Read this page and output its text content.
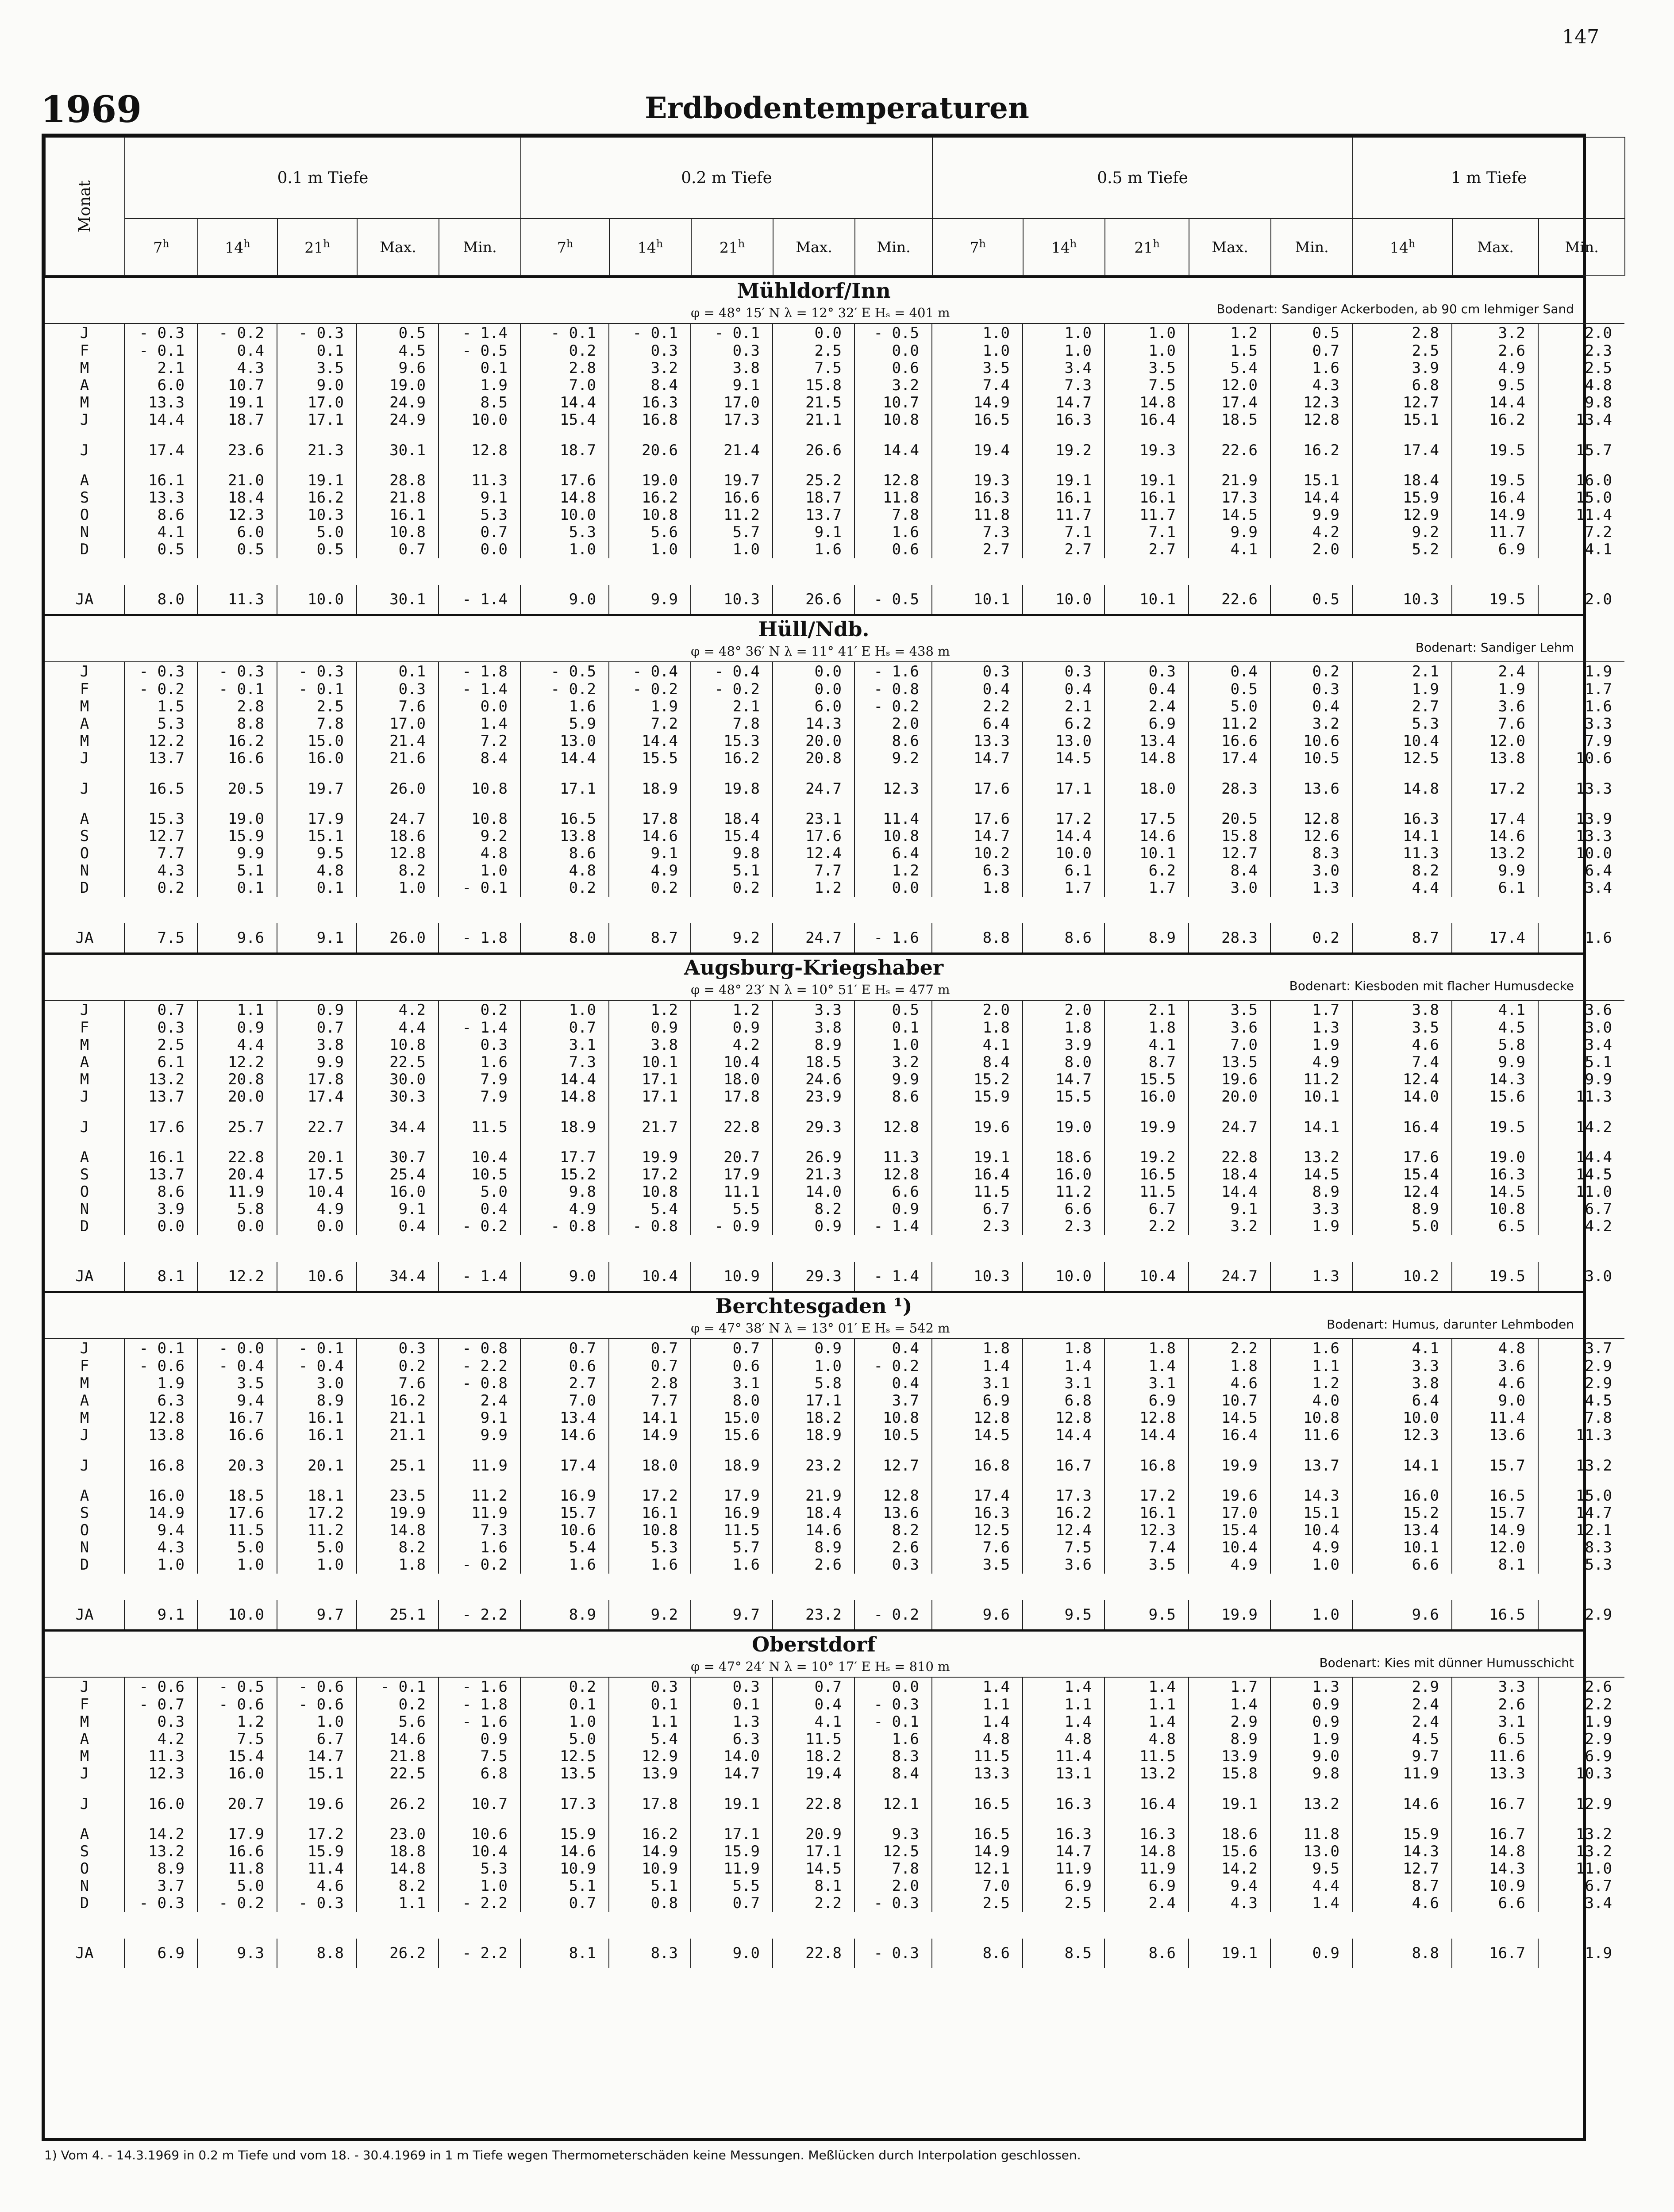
147
1969	Erdbodentemperaturen
Monat	0.1 m Tiefe					0.2 m Tiefe					0.5 m Tiefe					1 m Tiefe		
	7$^h$	14$^h$	21$^h$	Max.	Min.	7$^h$	14$^h$	21$^h$	Max.	Min.	7$^h$	14$^h$	21$^h$	Max.	Min.	14$^h$	Max.	Min.
Mühldorf/Inn
φ = 48° 15′ N λ = 12° 32′ E Hₛ = 401 m	Bodenart: Sandiger Ackerboden, ab 90 cm lehmiger Sand
J	- 0.3	- 0.2	- 0.3	0.5	- 1.4	- 0.1	- 0.1	- 0.1	0.0	- 0.5	1.0	1.0	1.0	1.2	0.5	2.8	3.2	2.0
F	- 0.1	0.4	0.1	4.5	- 0.5	0.2	0.3	0.3	2.5	0.0	1.0	1.0	1.0	1.5	0.7	2.5	2.6	2.3
M	2.1	4.3	3.5	9.6	0.1	2.8	3.2	3.8	7.5	0.6	3.5	3.4	3.5	5.4	1.6	3.9	4.9	2.5
A	6.0	10.7	9.0	19.0	1.9	7.0	8.4	9.1	15.8	3.2	7.4	7.3	7.5	12.0	4.3	6.8	9.5	4.8
M	13.3	19.1	17.0	24.9	8.5	14.4	16.3	17.0	21.5	10.7	14.9	14.7	14.8	17.4	12.3	12.7	14.4	9.8
J	14.4	18.7	17.1	24.9	10.0	15.4	16.8	17.3	21.1	10.8	16.5	16.3	16.4	18.5	12.8	15.1	16.2	13.4
J	17.4	23.6	21.3	30.1	12.8	18.7	20.6	21.4	26.6	14.4	19.4	19.2	19.3	22.6	16.2	17.4	19.5	15.7
A	16.1	21.0	19.1	28.8	11.3	17.6	19.0	19.7	25.2	12.8	19.3	19.1	19.1	21.9	15.1	18.4	19.5	16.0
S	13.3	18.4	16.2	21.8	9.1	14.8	16.2	16.6	18.7	11.8	16.3	16.1	16.1	17.3	14.4	15.9	16.4	15.0
O	8.6	12.3	10.3	16.1	5.3	10.0	10.8	11.2	13.7	7.8	11.8	11.7	11.7	14.5	9.9	12.9	14.9	11.4
N	4.1	6.0	5.0	10.8	0.7	5.3	5.6	5.7	9.1	1.6	7.3	7.1	7.1	9.9	4.2	9.2	11.7	7.2
D	0.5	0.5	0.5	0.7	0.0	1.0	1.0	1.0	1.6	0.6	2.7	2.7	2.7	4.1	2.0	5.2	6.9	4.1

JA	8.0	11.3	10.0	30.1	- 1.4	9.0	9.9	10.3	26.6	- 0.5	10.1	10.0	10.1	22.6	0.5	10.3	19.5	2.0
Hüll/Ndb.
φ = 48° 36′ N λ = 11° 41′ E Hₛ = 438 m	Bodenart: Sandiger Lehm
J	- 0.3	- 0.3	- 0.3	0.1	- 1.8	- 0.5	- 0.4	- 0.4	0.0	- 1.6	0.3	0.3	0.3	0.4	0.2	2.1	2.4	1.9
F	- 0.2	- 0.1	- 0.1	0.3	- 1.4	- 0.2	- 0.2	- 0.2	0.0	- 0.8	0.4	0.4	0.4	0.5	0.3	1.9	1.9	1.7
M	1.5	2.8	2.5	7.6	0.0	1.6	1.9	2.1	6.0	- 0.2	2.2	2.1	2.4	5.0	0.4	2.7	3.6	1.6
A	5.3	8.8	7.8	17.0	1.4	5.9	7.2	7.8	14.3	2.0	6.4	6.2	6.9	11.2	3.2	5.3	7.6	3.3
M	12.2	16.2	15.0	21.4	7.2	13.0	14.4	15.3	20.0	8.6	13.3	13.0	13.4	16.6	10.6	10.4	12.0	7.9
J	13.7	16.6	16.0	21.6	8.4	14.4	15.5	16.2	20.8	9.2	14.7	14.5	14.8	17.4	10.5	12.5	13.8	10.6
J	16.5	20.5	19.7	26.0	10.8	17.1	18.9	19.8	24.7	12.3	17.6	17.1	18.0	28.3	13.6	14.8	17.2	13.3
A	15.3	19.0	17.9	24.7	10.8	16.5	17.8	18.4	23.1	11.4	17.6	17.2	17.5	20.5	12.8	16.3	17.4	13.9
S	12.7	15.9	15.1	18.6	9.2	13.8	14.6	15.4	17.6	10.8	14.7	14.4	14.6	15.8	12.6	14.1	14.6	13.3
O	7.7	9.9	9.5	12.8	4.8	8.6	9.1	9.8	12.4	6.4	10.2	10.0	10.1	12.7	8.3	11.3	13.2	10.0
N	4.3	5.1	4.8	8.2	1.0	4.8	4.9	5.1	7.7	1.2	6.3	6.1	6.2	8.4	3.0	8.2	9.9	6.4
D	0.2	0.1	0.1	1.0	- 0.1	0.2	0.2	0.2	1.2	0.0	1.8	1.7	1.7	3.0	1.3	4.4	6.1	3.4

JA	7.5	9.6	9.1	26.0	- 1.8	8.0	8.7	9.2	24.7	- 1.6	8.8	8.6	8.9	28.3	0.2	8.7	17.4	1.6
Augsburg-Kriegshaber
φ = 48° 23′ N λ = 10° 51′ E Hₛ = 477 m	Bodenart: Kiesboden mit flacher Humusdecke
J	0.7	1.1	0.9	4.2	0.2	1.0	1.2	1.2	3.3	0.5	2.0	2.0	2.1	3.5	1.7	3.8	4.1	3.6
F	0.3	0.9	0.7	4.4	- 1.4	0.7	0.9	0.9	3.8	0.1	1.8	1.8	1.8	3.6	1.3	3.5	4.5	3.0
M	2.5	4.4	3.8	10.8	0.3	3.1	3.8	4.2	8.9	1.0	4.1	3.9	4.1	7.0	1.9	4.6	5.8	3.4
A	6.1	12.2	9.9	22.5	1.6	7.3	10.1	10.4	18.5	3.2	8.4	8.0	8.7	13.5	4.9	7.4	9.9	5.1
M	13.2	20.8	17.8	30.0	7.9	14.4	17.1	18.0	24.6	9.9	15.2	14.7	15.5	19.6	11.2	12.4	14.3	9.9
J	13.7	20.0	17.4	30.3	7.9	14.8	17.1	17.8	23.9	8.6	15.9	15.5	16.0	20.0	10.1	14.0	15.6	11.3
J	17.6	25.7	22.7	34.4	11.5	18.9	21.7	22.8	29.3	12.8	19.6	19.0	19.9	24.7	14.1	16.4	19.5	14.2
A	16.1	22.8	20.1	30.7	10.4	17.7	19.9	20.7	26.9	11.3	19.1	18.6	19.2	22.8	13.2	17.6	19.0	14.4
S	13.7	20.4	17.5	25.4	10.5	15.2	17.2	17.9	21.3	12.8	16.4	16.0	16.5	18.4	14.5	15.4	16.3	14.5
O	8.6	11.9	10.4	16.0	5.0	9.8	10.8	11.1	14.0	6.6	11.5	11.2	11.5	14.4	8.9	12.4	14.5	11.0
N	3.9	5.8	4.9	9.1	0.4	4.9	5.4	5.5	8.2	0.9	6.7	6.6	6.7	9.1	3.3	8.9	10.8	6.7
D	0.0	0.0	0.0	0.4	- 0.2	- 0.8	- 0.8	- 0.9	0.9	- 1.4	2.3	2.3	2.2	3.2	1.9	5.0	6.5	4.2

JA	8.1	12.2	10.6	34.4	- 1.4	9.0	10.4	10.9	29.3	- 1.4	10.3	10.0	10.4	24.7	1.3	10.2	19.5	3.0
Berchtesgaden ¹)
φ = 47° 38′ N λ = 13° 01′ E Hₛ = 542 m	Bodenart: Humus, darunter Lehmboden
J	- 0.1	- 0.0	- 0.1	0.3	- 0.8	0.7	0.7	0.7	0.9	0.4	1.8	1.8	1.8	2.2	1.6	4.1	4.8	3.7
F	- 0.6	- 0.4	- 0.4	0.2	- 2.2	0.6	0.7	0.6	1.0	- 0.2	1.4	1.4	1.4	1.8	1.1	3.3	3.6	2.9
M	1.9	3.5	3.0	7.6	- 0.8	2.7	2.8	3.1	5.8	0.4	3.1	3.1	3.1	4.6	1.2	3.8	4.6	2.9
A	6.3	9.4	8.9	16.2	2.4	7.0	7.7	8.0	17.1	3.7	6.9	6.8	6.9	10.7	4.0	6.4	9.0	4.5
M	12.8	16.7	16.1	21.1	9.1	13.4	14.1	15.0	18.2	10.8	12.8	12.8	12.8	14.5	10.8	10.0	11.4	7.8
J	13.8	16.6	16.1	21.1	9.9	14.6	14.9	15.6	18.9	10.5	14.5	14.4	14.4	16.4	11.6	12.3	13.6	11.3
J	16.8	20.3	20.1	25.1	11.9	17.4	18.0	18.9	23.2	12.7	16.8	16.7	16.8	19.9	13.7	14.1	15.7	13.2
A	16.0	18.5	18.1	23.5	11.2	16.9	17.2	17.9	21.9	12.8	17.4	17.3	17.2	19.6	14.3	16.0	16.5	15.0
S	14.9	17.6	17.2	19.9	11.9	15.7	16.1	16.9	18.4	13.6	16.3	16.2	16.1	17.0	15.1	15.2	15.7	14.7
O	9.4	11.5	11.2	14.8	7.3	10.6	10.8	11.5	14.6	8.2	12.5	12.4	12.3	15.4	10.4	13.4	14.9	12.1
N	4.3	5.0	5.0	8.2	1.6	5.4	5.3	5.7	8.9	2.6	7.6	7.5	7.4	10.4	4.9	10.1	12.0	8.3
D	1.0	1.0	1.0	1.8	- 0.2	1.6	1.6	1.6	2.6	0.3	3.5	3.6	3.5	4.9	1.0	6.6	8.1	5.3

JA	9.1	10.0	9.7	25.1	- 2.2	8.9	9.2	9.7	23.2	- 0.2	9.6	9.5	9.5	19.9	1.0	9.6	16.5	2.9
Oberstdorf
φ = 47° 24′ N λ = 10° 17′ E Hₛ = 810 m	Bodenart: Kies mit dünner Humusschicht
J	- 0.6	- 0.5	- 0.6	- 0.1	- 1.6	0.2	0.3	0.3	0.7	0.0	1.4	1.4	1.4	1.7	1.3	2.9	3.3	2.6
F	- 0.7	- 0.6	- 0.6	0.2	- 1.8	0.1	0.1	0.1	0.4	- 0.3	1.1	1.1	1.1	1.4	0.9	2.4	2.6	2.2
M	0.3	1.2	1.0	5.6	- 1.6	1.0	1.1	1.3	4.1	- 0.1	1.4	1.4	1.4	2.9	0.9	2.4	3.1	1.9
A	4.2	7.5	6.7	14.6	0.9	5.0	5.4	6.3	11.5	1.6	4.8	4.8	4.8	8.9	1.9	4.5	6.5	2.9
M	11.3	15.4	14.7	21.8	7.5	12.5	12.9	14.0	18.2	8.3	11.5	11.4	11.5	13.9	9.0	9.7	11.6	6.9
J	12.3	16.0	15.1	22.5	6.8	13.5	13.9	14.7	19.4	8.4	13.3	13.1	13.2	15.8	9.8	11.9	13.3	10.3
J	16.0	20.7	19.6	26.2	10.7	17.3	17.8	19.1	22.8	12.1	16.5	16.3	16.4	19.1	13.2	14.6	16.7	12.9
A	14.2	17.9	17.2	23.0	10.6	15.9	16.2	17.1	20.9	9.3	16.5	16.3	16.3	18.6	11.8	15.9	16.7	13.2
S	13.2	16.6	15.9	18.8	10.4	14.6	14.9	15.9	17.1	12.5	14.9	14.7	14.8	15.6	13.0	14.3	14.8	13.2
O	8.9	11.8	11.4	14.8	5.3	10.9	10.9	11.9	14.5	7.8	12.1	11.9	11.9	14.2	9.5	12.7	14.3	11.0
N	3.7	5.0	4.6	8.2	1.0	5.1	5.1	5.5	8.1	2.0	7.0	6.9	6.9	9.4	4.4	8.7	10.9	6.7
D	- 0.3	- 0.2	- 0.3	1.1	- 2.2	0.7	0.8	0.7	2.2	- 0.3	2.5	2.5	2.4	4.3	1.4	4.6	6.6	3.4

JA	6.9	9.3	8.8	26.2	- 2.2	8.1	8.3	9.0	22.8	- 0.3	8.6	8.5	8.6	19.1	0.9	8.8	16.7	1.9
1) Vom 4. - 14.3.1969 in 0.2 m Tiefe und vom 18. - 30.4.1969 in 1 m Tiefe wegen Thermometerschäden keine Messungen. Meßlücken durch Interpolation geschlossen.
